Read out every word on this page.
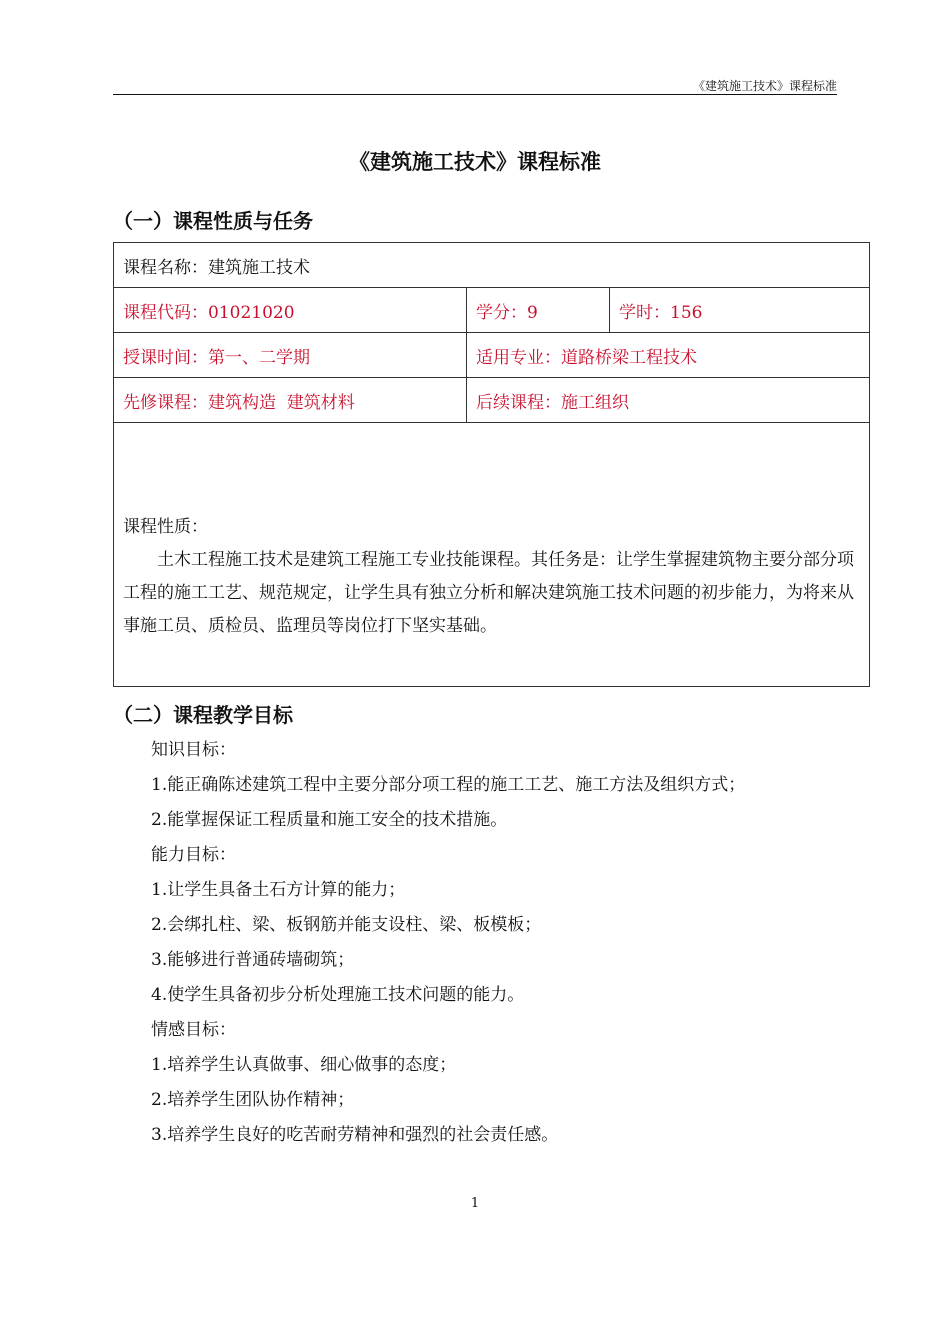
《建筑施工技术》课程标准
《建筑施工技术》课程标准
（一）课程性质与任务
课程名称：建筑施工技术		
课程代码：01021020	学分：9	学时：156
授课时间：第一、二学期	适用专业：道路桥梁工程技术	
先修课程：建筑构造  建筑材料	后续课程：施工组织	

课程性质：

土木工程施工技术是建筑工程施工专业技能课程。其任务是：让学生掌握建筑物主要分部分项工程的施工工艺、规范规定，让学生具有独立分析和解决建筑施工技术问题的初步能力，为将来从事施工员、质检员、监理员等岗位打下坚实基础。		

（二）课程教学目标
知识目标：
1.能正确陈述建筑工程中主要分部分项工程的施工工艺、施工方法及组织方式；
2.能掌握保证工程质量和施工安全的技术措施。
能力目标：
1.让学生具备土石方计算的能力；
2.会绑扎柱、梁、板钢筋并能支设柱、梁、板模板；
3.能够进行普通砖墙砌筑；
4.使学生具备初步分析处理施工技术问题的能力。
情感目标：
1.培养学生认真做事、细心做事的态度；
2.培养学生团队协作精神；
3.培养学生良好的吃苦耐劳精神和强烈的社会责任感。
1
